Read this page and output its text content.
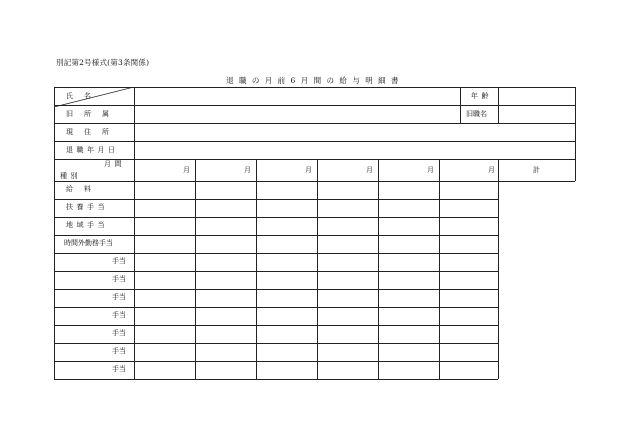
別記第2号様式(第3条関係)
退職の月前6月間の給与明細書
氏名	年齢
旧所属	旧職名
現住所
退職年月日
月間
種別
月	月	月	月	月	月	計
給料
扶養手当
地域手当
時間外勤務手当
手当
手当
手当
手当
手当
手当
手当
